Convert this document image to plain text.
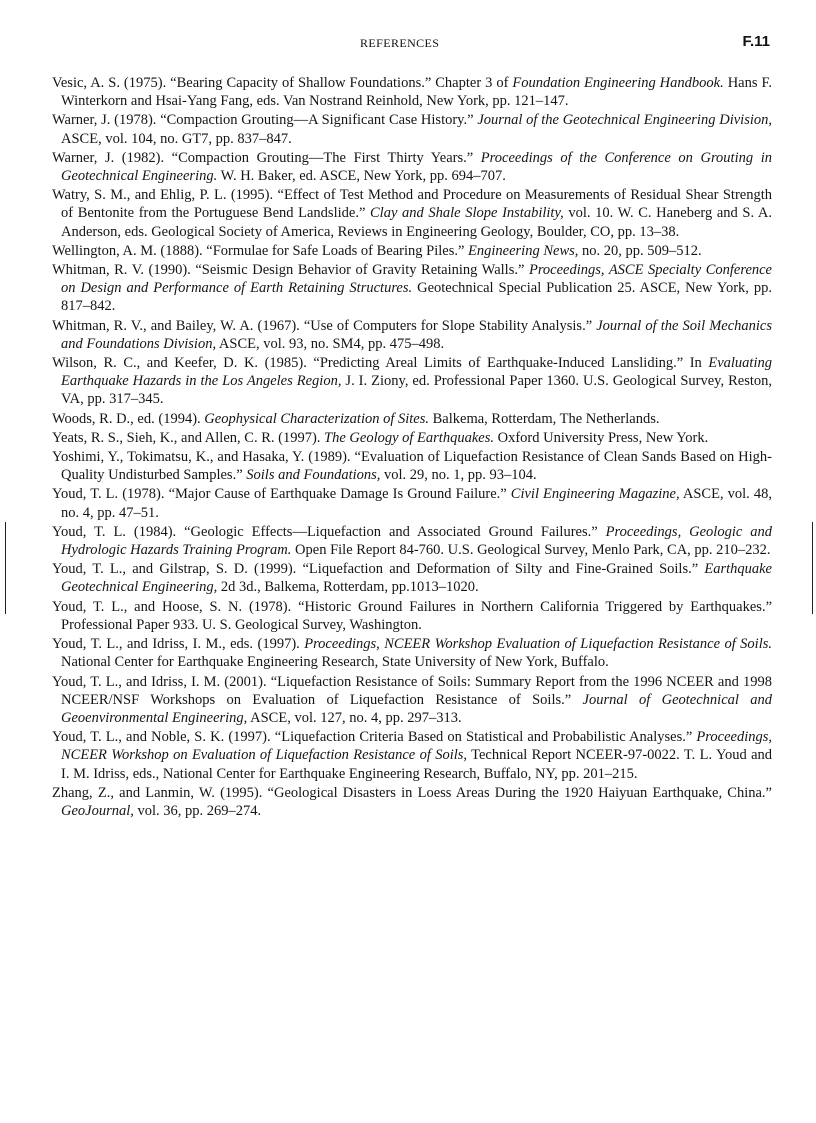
REFERENCES	F.11
Vesic, A. S. (1975). “Bearing Capacity of Shallow Foundations.” Chapter 3 of Foundation Engineering Handbook. Hans F. Winterkorn and Hsai-Yang Fang, eds. Van Nostrand Reinhold, New York, pp. 121–147.
Warner, J. (1978). “Compaction Grouting—A Significant Case History.” Journal of the Geotechnical Engineering Division, ASCE, vol. 104, no. GT7, pp. 837–847.
Warner, J. (1982). “Compaction Grouting—The First Thirty Years.” Proceedings of the Conference on Grouting in Geotechnical Engineering. W. H. Baker, ed. ASCE, New York, pp. 694–707.
Watry, S. M., and Ehlig, P. L. (1995). “Effect of Test Method and Procedure on Measurements of Residual Shear Strength of Bentonite from the Portuguese Bend Landslide.” Clay and Shale Slope Instability, vol. 10. W. C. Haneberg and S. A. Anderson, eds. Geological Society of America, Reviews in Engineering Geology, Boulder, CO, pp. 13–38.
Wellington, A. M. (1888). “Formulae for Safe Loads of Bearing Piles.” Engineering News, no. 20, pp. 509–512.
Whitman, R. V. (1990). “Seismic Design Behavior of Gravity Retaining Walls.” Proceedings, ASCE Specialty Conference on Design and Performance of Earth Retaining Structures. Geotechnical Special Publication 25. ASCE, New York, pp. 817–842.
Whitman, R. V., and Bailey, W. A. (1967). “Use of Computers for Slope Stability Analysis.” Journal of the Soil Mechanics and Foundations Division, ASCE, vol. 93, no. SM4, pp. 475–498.
Wilson, R. C., and Keefer, D. K. (1985). “Predicting Areal Limits of Earthquake-Induced Lansliding.” In Evaluating Earthquake Hazards in the Los Angeles Region, J. I. Ziony, ed. Professional Paper 1360. U.S. Geological Survey, Reston, VA, pp. 317–345.
Woods, R. D., ed. (1994). Geophysical Characterization of Sites. Balkema, Rotterdam, The Netherlands.
Yeats, R. S., Sieh, K., and Allen, C. R. (1997). The Geology of Earthquakes. Oxford University Press, New York.
Yoshimi, Y., Tokimatsu, K., and Hasaka, Y. (1989). “Evaluation of Liquefaction Resistance of Clean Sands Based on High-Quality Undisturbed Samples.” Soils and Foundations, vol. 29, no. 1, pp. 93–104.
Youd, T. L. (1978). “Major Cause of Earthquake Damage Is Ground Failure.” Civil Engineering Magazine, ASCE, vol. 48, no. 4, pp. 47–51.
Youd, T. L. (1984). “Geologic Effects—Liquefaction and Associated Ground Failures.” Proceedings, Geologic and Hydrologic Hazards Training Program. Open File Report 84-760. U.S. Geological Survey, Menlo Park, CA, pp. 210–232.
Youd, T. L., and Gilstrap, S. D. (1999). “Liquefaction and Deformation of Silty and Fine-Grained Soils.” Earthquake Geotechnical Engineering, 2d 3d., Balkema, Rotterdam, pp.1013–1020.
Youd, T. L., and Hoose, S. N. (1978). “Historic Ground Failures in Northern California Triggered by Earthquakes.” Professional Paper 933. U. S. Geological Survey, Washington.
Youd, T. L., and Idriss, I. M., eds. (1997). Proceedings, NCEER Workshop Evaluation of Liquefaction Resistance of Soils. National Center for Earthquake Engineering Research, State University of New York, Buffalo.
Youd, T. L., and Idriss, I. M. (2001). “Liquefaction Resistance of Soils: Summary Report from the 1996 NCEER and 1998 NCEER/NSF Workshops on Evaluation of Liquefaction Resistance of Soils.” Journal of Geotechnical and Geoenvironmental Engineering, ASCE, vol. 127, no. 4, pp. 297–313.
Youd, T. L., and Noble, S. K. (1997). “Liquefaction Criteria Based on Statistical and Probabilistic Analyses.” Proceedings, NCEER Workshop on Evaluation of Liquefaction Resistance of Soils, Technical Report NCEER-97-0022. T. L. Youd and I. M. Idriss, eds., National Center for Earthquake Engineering Research, Buffalo, NY, pp. 201–215.
Zhang, Z., and Lanmin, W. (1995). “Geological Disasters in Loess Areas During the 1920 Haiyuan Earthquake, China.” GeoJournal, vol. 36, pp. 269–274.
